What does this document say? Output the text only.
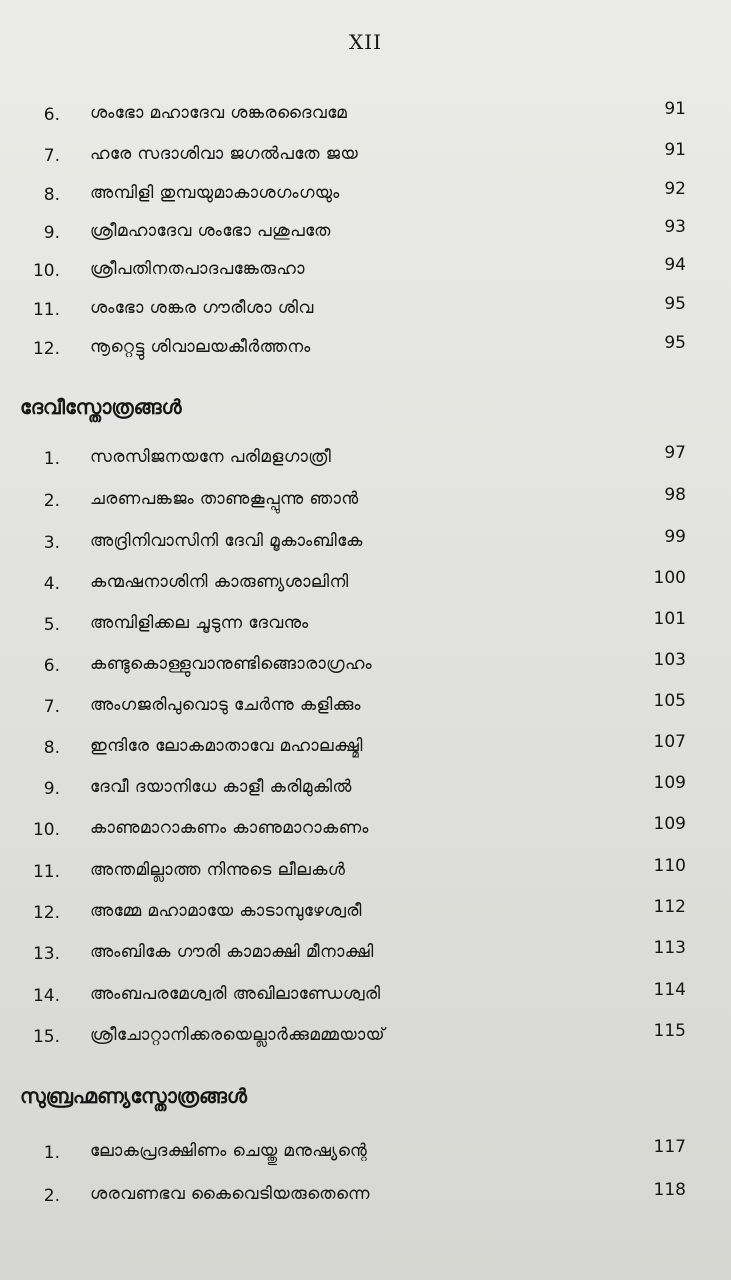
XII
6. ശംഭോ മഹാദേവ ശങ്കരദൈവമേ	91
7. ഹരേ സദാശിവാ ജഗൽപതേ ജയ	91
8. അമ്പിളി തുമ്പയുമാകാശഗംഗയും	92
9. ശ്രീമഹാദേവ ശംഭോ പശുപതേ	93
10. ശ്രീപതിനതപാദപങ്കേരുഹാ	94
11. ശംഭോ ശങ്കര ഗൗരീശാ ശിവ	95
12. നൂറ്റെട്ടു ശിവാലയകീർത്തനം	95
ദേവീസ്തോത്രങ്ങൾ
1. സരസിജനയനേ പരിമളഗാത്രീ	97
2. ചരണപങ്കജം താണുകൂപ്പുന്നു ഞാൻ	98
3. അദ്രിനിവാസിനി ദേവി മൂകാംബികേ	99
4. കന്മഷനാശിനി കാരുണ്യശാലിനി	100
5. അമ്പിളിക്കല ചൂടുന്ന ദേവനും	101
6. കണ്ടുകൊള്ളുവാനുണ്ടിങ്ങൊരാഗ്രഹം	103
7. അംഗജരിപുവൊടു ചേർന്നു കളിക്കും	105
8. ഇന്ദിരേ ലോകമാതാവേ മഹാലക്ഷ്മി	107
9. ദേവീ ദയാനിധേ കാളീ കരിമുകിൽ	109
10. കാണുമാറാകണം കാണുമാറാകണം	109
11. അന്തമില്ലാത്ത നിന്നുടെ ലീലകൾ	110
12. അമ്മേ മഹാമായേ കാടാമ്പുഴേശ്വരീ	112
13. അംബികേ ഗൗരി കാമാക്ഷി മീനാക്ഷി	113
14. അംബപരമേശ്വരി അഖിലാണ്ഡേശ്വരി	114
15. ശ്രീചോറ്റാനിക്കരയെല്ലാർക്കുമമ്മയായ്	115
സുബ്രഹ്മണ്യസ്തോത്രങ്ങൾ
1. ലോകപ്രദക്ഷിണം ചെയ്തു മനുഷ്യന്റെ	117
2. ശരവണഭവ കൈവെടിയരുതെന്നെ	118
